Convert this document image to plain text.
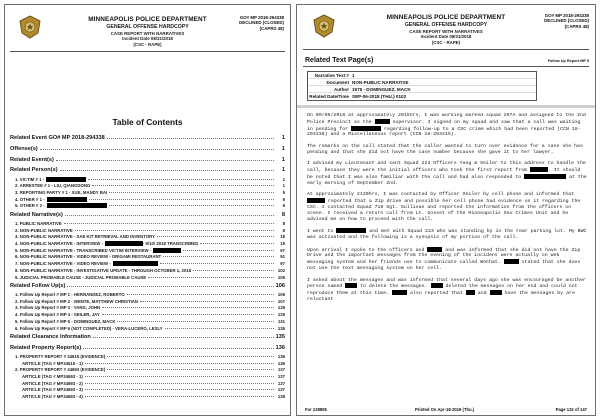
MINNEAPOLIS POLICE DEPARTMENT
GENERAL OFFENSE HARDCOPY
CASE REPORT WITH NARRATIVES
Incident Date 08/31/2018
(CSC - RAPE)
GO# MP 2018-294338
DECLINED (CLOSED)
(CAPRS 48)
Table of Contents
Related Event GO# MP 2018-294338	1
Offense(s)	1
Related Event(s)	1
Related Person(s)	1
1. VICTIM # 1 -	1
2. ARRESTEE # 1 - LIU, QIANGDONG	1
3. REPORTING PARTY # 1 - XUE, MANDY BAI	5
4. OTHER # 1 -	6
5. OTHER # 2 -	6
Related Narrative(s)	8
1. PUBLIC NARRATIVE	8
2. NON-PUBLIC NARRATIVE	8
3. NON-PUBLIC NARRATIVE - SAE KIT RETRIEVAL AND INVENTORY	18
4. NON-PUBLIC NARRATIVE - INTERVIEW -	- 9/10/ 2018 TRANSCRIBED	19
5. NON-PUBLIC NARRATIVE - TRANSCRIBED VICTIM INTERVIEW -	67
6. NON-PUBLIC NARRATIVE - VIDEO REVIEW - ORIGAMI RESTAURANT	91
7. NON-PUBLIC NARRATIVE - VIDEO REVIEW -	97
8. NON-PUBLIC NARRATIVE - INVESTIGATIVE UPDATE - THROUGH OCTOBER 1, 2018	102
9. JUDICIAL PROBABLE CAUSE - JUDICIAL PROBABLE CAUSE	105
Related Follow Up(s)	106
1. Follow Up Report # MP 1 - HERNANDEZ, ROBERTO	106
2. Follow Up Report # MP 2 - WENTE, MATTHEW CHRISTIAN	107
3. Follow Up Report # MP 3 - YANG, JOHN	128
4. Follow Up Report # MP 4 - SEILER, JAY	129
5. Follow Up Report # MP 5 - DOMINGUEZ, MACK	131
6. Follow Up Report # MP 6 (NOT COMPLETED) - VERA-LUCERO, LESLY	135
Related Clearance Information	135
Related Property Report(s)	136
1. PROPERTY REPORT # 34615 (EVIDENCE)	136
ARTICLE (TAG # MP34615 - 1)	136
2. PROPERTY REPORT # 34693 (EVIDENCE)	137
ARTICLE (TAG # MP34693 - 1)	137
ARTICLE (TAG # MP34693 - 2)	137
ARTICLE (TAG # MP34693 - 3)	137
ARTICLE (TAG # MP34693 - 4)	138
MINNEAPOLIS POLICE DEPARTMENT
GENERAL OFFENSE HARDCOPY
CASE REPORT WITH NARRATIVES
Incident Date 08/31/2018
(CSC - RAPE)
GO# MP 2018-294338
DECLINED (CLOSED)
(CAPRS 48)
Related Text Page(s)	Follow Up Report MP 5
Narrative Text # 1
Document NON-PUBLIC NARRATIVE
Author 1575 - DOMINGUEZ, MACK
Related Date/Time SEP-06-2018 (THU.) 0102

On 09/05/2018 at approximately 2015hrs, I was working marked squad 207A and assigned to the 2nd Police Precinct as the	supervisor. I signed on my squad and saw that a call was waiting in pending for	regarding follow-up to a CSC crime which had been reported (CCN 18-294338) and a Miscellaneous report (CCN 18-293415).

The remarks on the call stated that the caller wanted to turn over evidence for a case she has pending and that she did not have the case number because she gave it to her lawyer.

I advised my Lieutenant and sent Squad 223 Officers Yang & Seiler to this address to handle the call, because they were the initial officers who took the first report from	. It should be noted that I was also familiar with the call and had also responded to	at the early morning of September 2nd.

At approximately 2130hrs, I was contacted by Officer Seiler by cell phone and informed that  reported that a Zip drive and possible her cell phone had evidence on it regarding the CSC. I contacted Squad 710 Sgt. Sullivan and reported the information from the officers on scene. I received a return call from Lt. Gosset of the Minneapolis Sex Crimes Unit and he advised me on how to proceed with the call.

I went to	and met with Squad 223 who was standing by in the rear parking lot. My BWC was activated and the following is a synopsis of my portion of the call.

Upon arrival I spoke to the officers and	and was informed that she did not have the Zip Drive and the important messages from the evening of the incident were actually on web messaging system and her friends use to communicate called WeChat.	stated that she does not use the text messaging system on her cell.

I asked about the messages and was informed that several days ago she was encouraged be another person named  to delete the messages.  deleted the messages on her end and could not reproduce them at this time.	also reported that  and  have the messages by are reluctant

For 128855	Printed On Apr-18-2019 (Thu.)	Page 132 of 147
